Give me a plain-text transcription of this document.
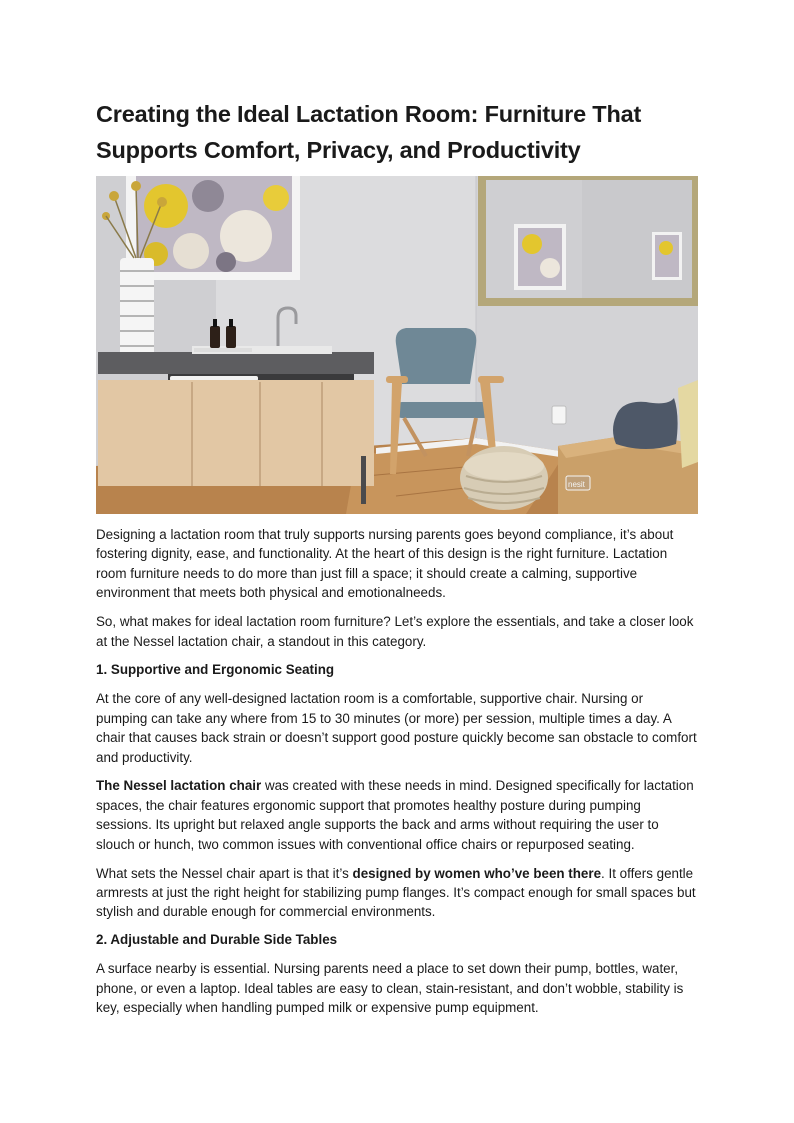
Creating the Ideal Lactation Room: Furniture That Supports Comfort, Privacy, and Productivity
nesit

Designing a lactation room that truly supports nursing parents goes beyond compliance, it’s about fostering dignity, ease, and functionality. At the heart of this design is the right furniture. Lactation room furniture needs to do more than just fill a space; it should create a calming, supportive environment that meets both physical and emotionalneeds.

So, what makes for ideal lactation room furniture? Let’s explore the essentials, and take a closer look at the Nessel lactation chair, a standout in this category.

1. Supportive and Ergonomic Seating

At the core of any well-designed lactation room is a comfortable, supportive chair. Nursing or pumping can take any where from 15 to 30 minutes (or more) per session, multiple times a day. A chair that causes back strain or doesn’t support good posture quickly become san obstacle to comfort and productivity.

The Nessel lactation chair was created with these needs in mind. Designed specifically for lactation spaces, the chair features ergonomic support that promotes healthy posture during pumping sessions. Its upright but relaxed angle supports the back and arms without requiring the user to slouch or hunch, two common issues with conventional office chairs or repurposed seating.

What sets the Nessel chair apart is that it’s designed by women who’ve been there. It offers gentle armrests at just the right height for stabilizing pump flanges. It’s compact enough for small spaces but stylish and durable enough for commercial environments.

2. Adjustable and Durable Side Tables

A surface nearby is essential. Nursing parents need a place to set down their pump, bottles, water, phone, or even a laptop. Ideal tables are easy to clean, stain-resistant, and don’t wobble, stability is key, especially when handling pumped milk or expensive pump equipment.
